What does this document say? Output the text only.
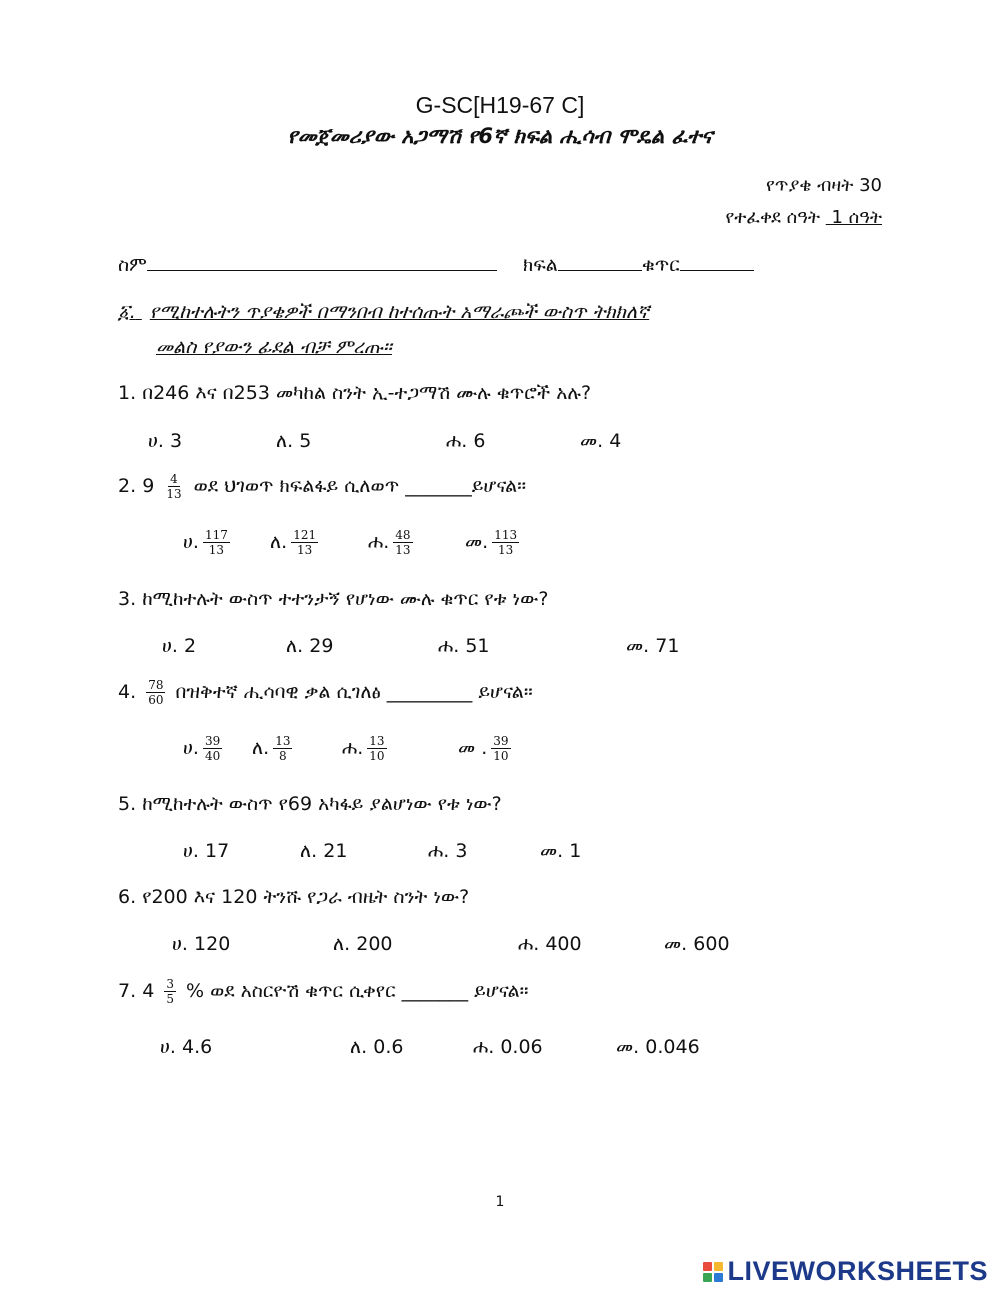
G-SC[H19-67 C]
የመጀመሪያው አጋማሽ የ6ኛ ክፍል ሒሳብ ሞዴል ፈተና
የጥያቄ ብዛት 30
የተፈቀደ ሰዓት 1 ሰዓት
ስም	ክፍል	ቁጥር
፩. የሚከተሉትን ጥያቄዎች በማንበብ ከተሰጡት አማራጮች ውስጥ ትክክለኛ
መልስ የያውን ፊደል ብቻ ምረጡ።
1. በ246 እና በ253 መካከል ስንት ኢ-ተጋማሽ ሙሉ ቁጥሮች አሉ?
ሀ. 3	ለ. 5	ሐ. 6	መ. 4
2. $9 \frac{4}{13}$ ወደ ህገወጥ ክፍልፋይ ሲለወጥ _______ይሆናል።
ሀ. $\frac{117}{13}$ ለ. $\frac{121}{13}$	ሐ. $\frac{48}{13}$	መ. $\frac{113}{13}$
3. ከሚከተሉት ውስጥ ተተንታኝ የሆነው ሙሉ ቁጥር የቱ ነው?
ሀ. 2	ለ. 29	ሐ. 51	መ. 71
4. $\frac{78}{60}$ በዝቅተኛ ሒሳባዊ ቃል ሲገለፅ _________ ይሆናል።
ሀ. $\frac{39}{40}$ ለ. $\frac{13}{8}$	ሐ. $\frac{13}{10}$	መ . $\frac{39}{10}$
5. ከሚከተሉት ውስጥ የ69 አካፋይ ያልሆነው የቱ ነው?
ሀ. 17	ለ. 21	ሐ. 3	መ. 1
6. የ200 እና 120 ትንሹ የጋራ ብዜት ስንት ነው?
ሀ. 120	ለ. 200	ሐ. 400	መ. 600
7. $4 \frac{3}{5}$ % ወደ አስርዮሽ ቁጥር ሲቀየር _______ ይሆናል።
ሀ. 4.6	ለ. 0.6	ሐ. 0.06	መ. 0.046
1
LIVEWORKSHEETS
